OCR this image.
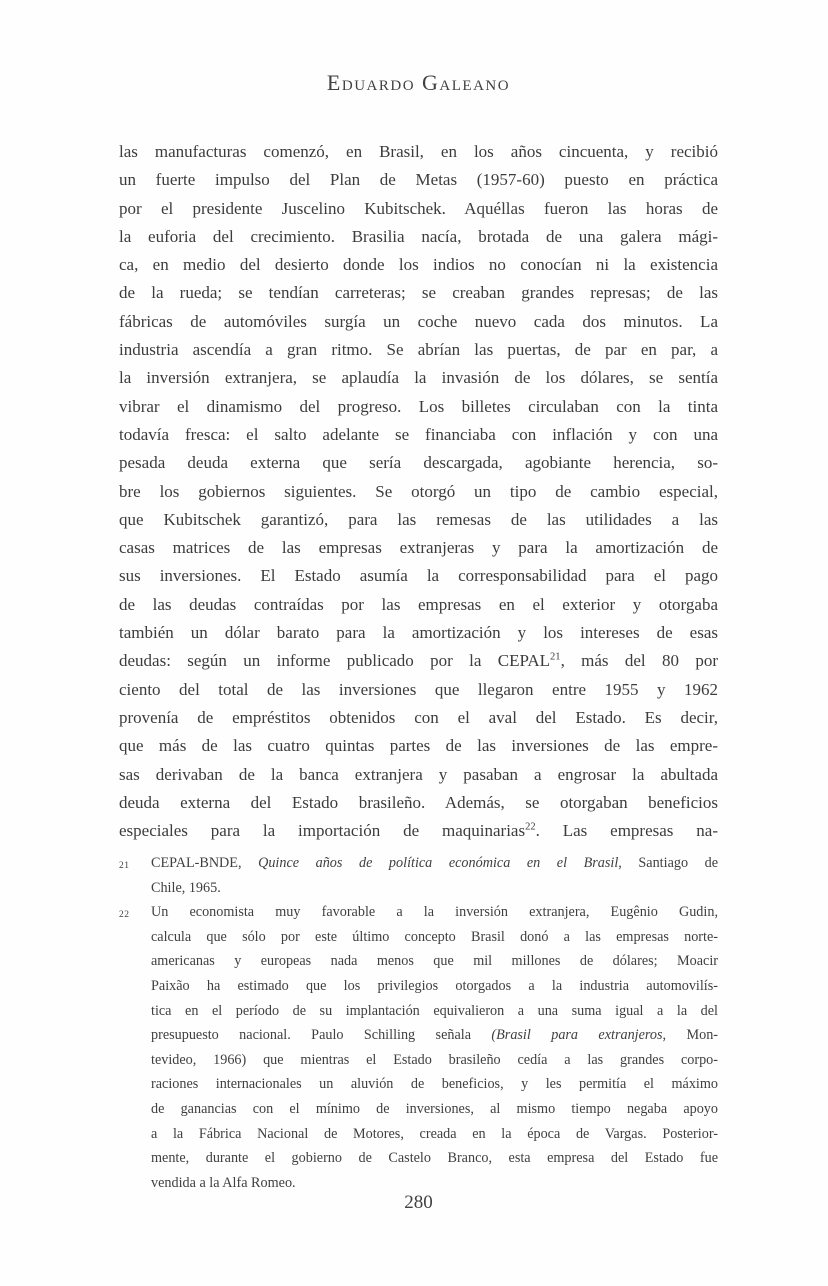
Eduardo Galeano
las manufacturas comenzó, en Brasil, en los años cincuenta, y recibió
un fuerte impulso del Plan de Metas (1957-60) puesto en práctica
por el presidente Juscelino Kubitschek. Aquéllas fueron las horas de
la euforia del crecimiento. Brasilia nacía, brotada de una galera mági-
ca, en medio del desierto donde los indios no conocían ni la existencia
de la rueda; se tendían carreteras; se creaban grandes represas; de las
fábricas de automóviles surgía un coche nuevo cada dos minutos. La
industria ascendía a gran ritmo. Se abrían las puertas, de par en par, a
la inversión extranjera, se aplaudía la invasión de los dólares, se sentía
vibrar el dinamismo del progreso. Los billetes circulaban con la tinta
todavía fresca: el salto adelante se financiaba con inflación y con una
pesada deuda externa que sería descargada, agobiante herencia, so-
bre los gobiernos siguientes. Se otorgó un tipo de cambio especial,
que Kubitschek garantizó, para las remesas de las utilidades a las
casas matrices de las empresas extranjeras y para la amortización de
sus inversiones. El Estado asumía la corresponsabilidad para el pago
de las deudas contraídas por las empresas en el exterior y otorgaba
también un dólar barato para la amortización y los intereses de esas
deudas: según un informe publicado por la CEPAL$^{21}$, más del 80 por
ciento del total de las inversiones que llegaron entre 1955 y 1962
provenía de empréstitos obtenidos con el aval del Estado. Es decir,
que más de las cuatro quintas partes de las inversiones de las empre-
sas derivaban de la banca extranjera y pasaban a engrosar la abultada
deuda externa del Estado brasileño. Además, se otorgaban beneficios
especiales para la importación de maquinarias$^{22}$. Las empresas na-
21	CEPAL-BNDE, Quince años de política económica en el Brasil, Santiago de
Chile, 1965.
22	Un economista muy favorable a la inversión extranjera, Eugênio Gudin,
calcula que sólo por este último concepto Brasil donó a las empresas norte-
americanas y europeas nada menos que mil millones de dólares; Moacir
Paixão ha estimado que los privilegios otorgados a la industria automovilís-
tica en el período de su implantación equivalieron a una suma igual a la del
presupuesto nacional. Paulo Schilling señala (Brasil para extranjeros, Mon-
tevideo, 1966) que mientras el Estado brasileño cedía a las grandes corpo-
raciones internacionales un aluvión de beneficios, y les permitía el máximo
de ganancias con el mínimo de inversiones, al mismo tiempo negaba apoyo
a la Fábrica Nacional de Motores, creada en la época de Vargas. Posterior-
mente, durante el gobierno de Castelo Branco, esta empresa del Estado fue
vendida a la Alfa Romeo.
280
